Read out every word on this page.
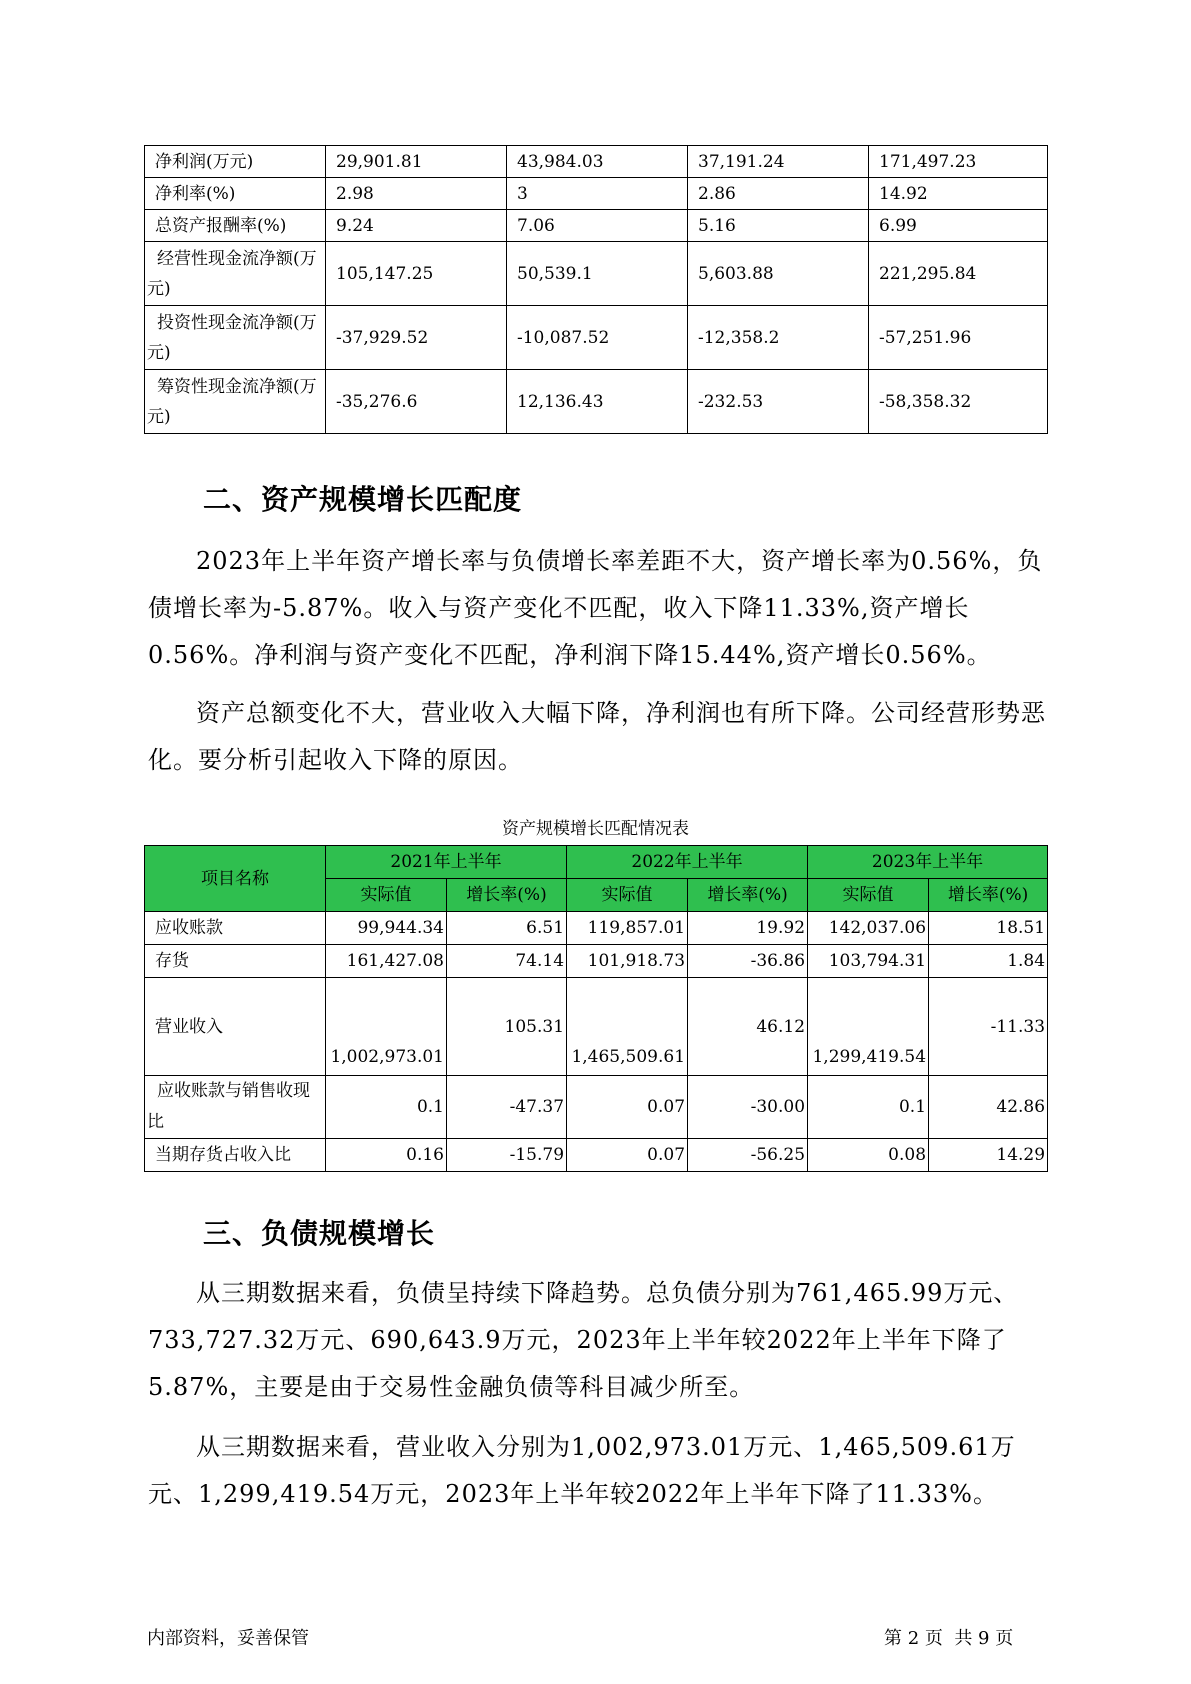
净利润(万元)	29,901.81	43,984.03	37,191.24	171,497.23
净利率(%)	2.98	3	2.86	14.92
总资产报酬率(%)	9.24	7.06	5.16	6.99
经营性现金流净额(万元)	105,147.25	50,539.1	5,603.88	221,295.84
投资性现金流净额(万元)	-37,929.52	-10,087.52	-12,358.2	-57,251.96
筹资性现金流净额(万元)	-35,276.6	12,136.43	-232.53	-58,358.32
二、资产规模增长匹配度
2023年上半年资产增长率与负债增长率差距不大，资产增长率为0.56%，负债增长率为-5.87%。收入与资产变化不匹配，收入下降11.33%,资产增长0.56%。净利润与资产变化不匹配，净利润下降15.44%,资产增长0.56%。
资产总额变化不大，营业收入大幅下降，净利润也有所下降。公司经营形势恶化。要分析引起收入下降的原因。
资产规模增长匹配情况表
项目名称	2021年上半年		2022年上半年		2023年上半年	
	实际值	增长率(%)	实际值	增长率(%)	实际值	增长率(%)
应收账款	99,944.34	6.51	119,857.01	19.92	142,037.06	18.51
存货	161,427.08	74.14	101,918.73	-36.86	103,794.31	1.84
营业收入	1,002,973.01	105.31	1,465,509.61	46.12	1,299,419.54	-11.33
应收账款与销售收现比	0.1	-47.37	0.07	-30.00	0.1	42.86
当期存货占收入比	0.16	-15.79	0.07	-56.25	0.08	14.29
三、负债规模增长
从三期数据来看，负债呈持续下降趋势。总负债分别为761,465.99万元、733,727.32万元、690,643.9万元，2023年上半年较2022年上半年下降了5.87%，主要是由于交易性金融负债等科目减少所至。
从三期数据来看，营业收入分别为1,002,973.01万元、1,465,509.61万元、1,299,419.54万元，2023年上半年较2022年上半年下降了11.33%。
内部资料，妥善保管	第 2 页  共 9 页
